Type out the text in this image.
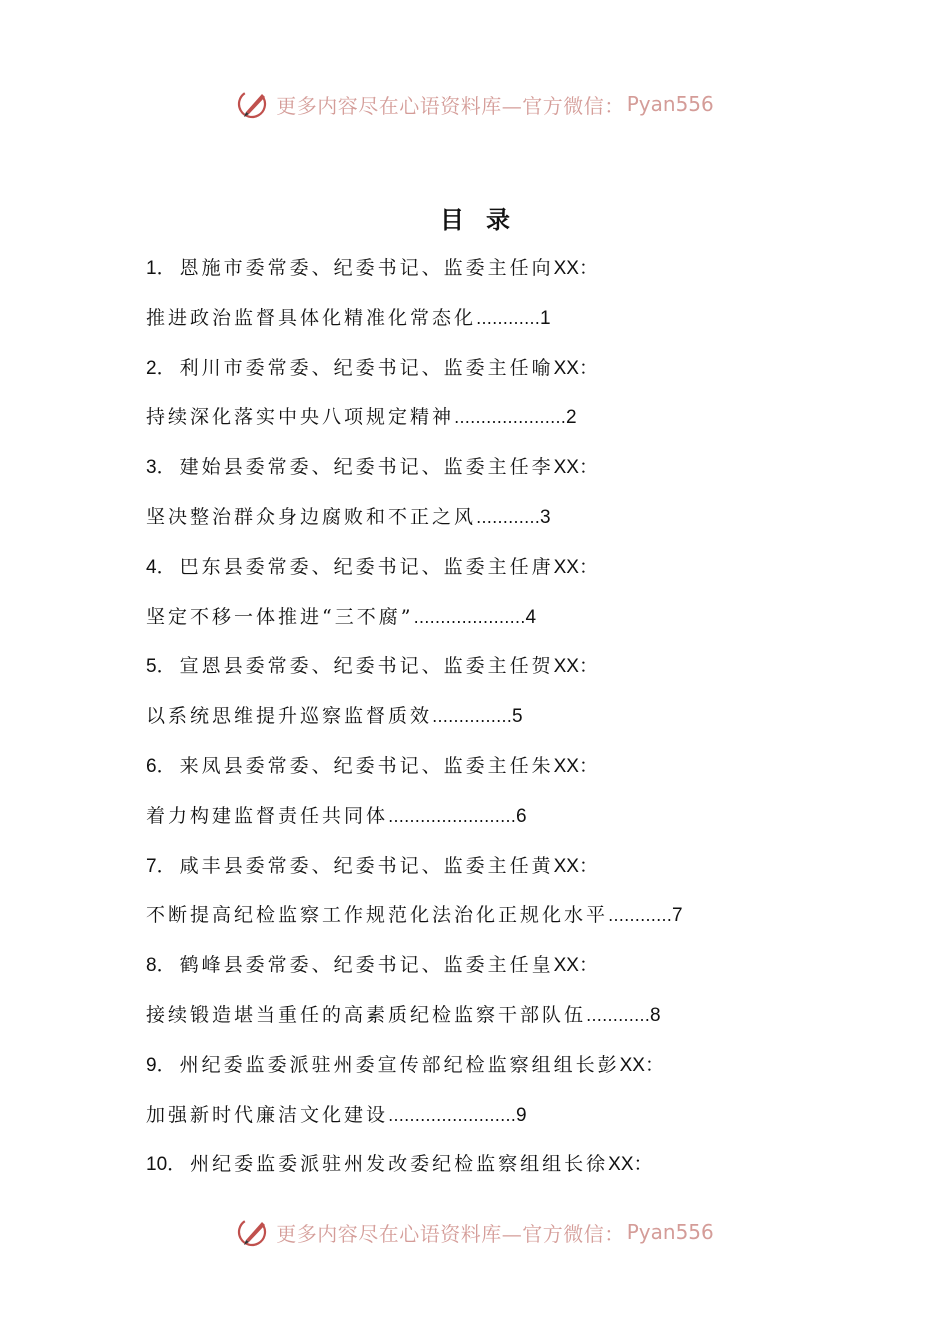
更多内容尽在心语资料库—官方微信： Pyan556
目录
1． 恩施市委常委、纪委书记、监委主任向XX：
推进政治监督具体化精准化常态化…………1
2． 利川市委常委、纪委书记、监委主任喻XX：
持续深化落实中央八项规定精神…………………2
3． 建始县委常委、纪委书记、监委主任李XX：
坚决整治群众身边腐败和不正之风…………3
4． 巴东县委常委、纪委书记、监委主任唐XX：
坚定不移一体推进“三不腐”…………………4
5． 宣恩县委常委、纪委书记、监委主任贺XX：
以系统思维提升巡察监督质效……………5
6． 来凤县委常委、纪委书记、监委主任朱XX：
着力构建监督责任共同体……………………6
7． 咸丰县委常委、纪委书记、监委主任黄XX：
不断提高纪检监察工作规范化法治化正规化水平…………7
8． 鹤峰县委常委、纪委书记、监委主任皇XX：
接续锻造堪当重任的高素质纪检监察干部队伍…………8
9． 州纪委监委派驻州委宣传部纪检监察组组长彭XX：
加强新时代廉洁文化建设……………………9
10． 州纪委监委派驻州发改委纪检监察组组长徐XX：
更多内容尽在心语资料库—官方微信： Pyan556
